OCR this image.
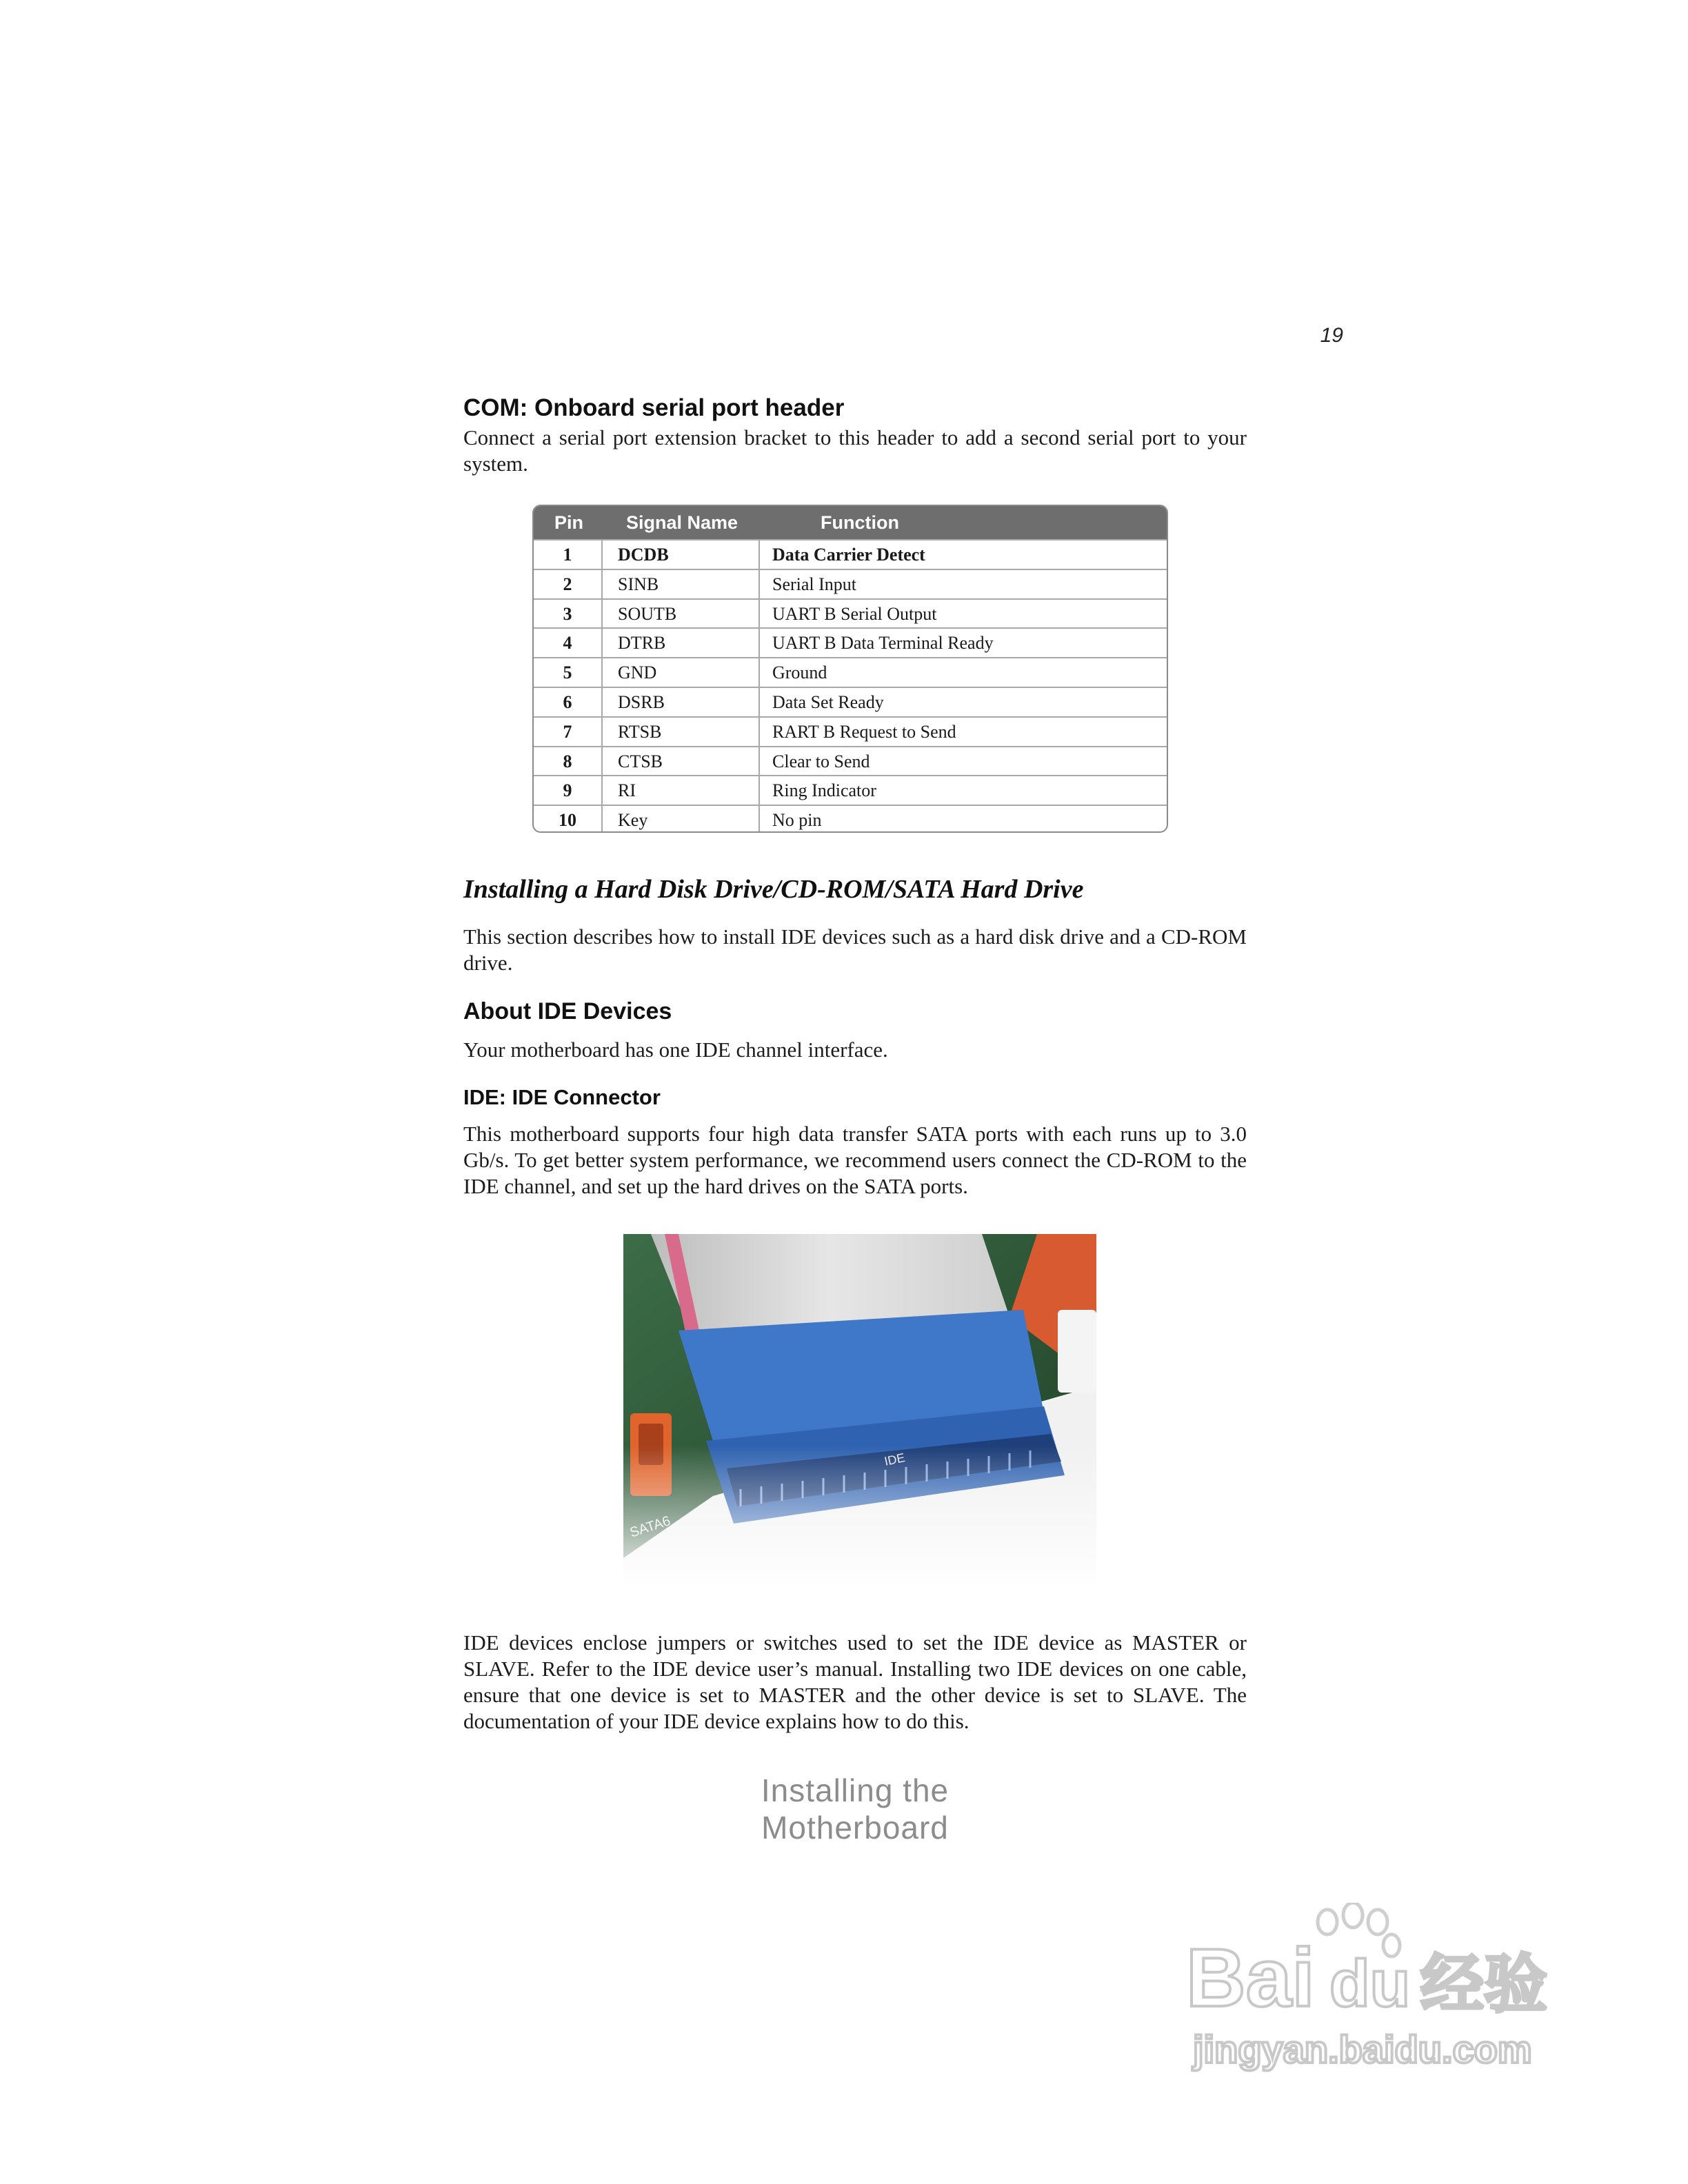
19
COM: Onboard serial port header
Connect a serial port extension bracket to this header to add a second serial port to your system.
Pin Signal Name	Function
1	DCDB	Data Carrier Detect
2	SINB	Serial Input
3	SOUTB	UART B Serial Output
4	DTRB	UART B Data Terminal Ready
5	GND	Ground
6	DSRB	Data Set Ready
7	RTSB	RART B Request to Send
8	CTSB	Clear to Send
9	RI	Ring Indicator
10	Key	No pin
Installing a Hard Disk Drive/CD-ROM/SATA Hard Drive
This section describes how to install IDE devices such as a hard disk drive and a CD-ROM drive.
About IDE Devices
Your motherboard has one IDE channel interface.
IDE: IDE Connector
This motherboard supports four high data transfer SATA ports with each runs up to 3.0 Gb/s. To get better system performance, we recommend users connect the CD-ROM to the IDE channel, and set up the hard drives on the SATA ports.
IDE devices enclose jumpers or switches used to set the IDE device as MASTER or SLAVE. Refer to the IDE device user’s manual. Installing two IDE devices on one cable, ensure that one device is set to MASTER and the other device is set to SLAVE. The documentation of your IDE device explains how to do this.
Installing the Motherboard
Bai du 经验
jingyan.baidu.com
